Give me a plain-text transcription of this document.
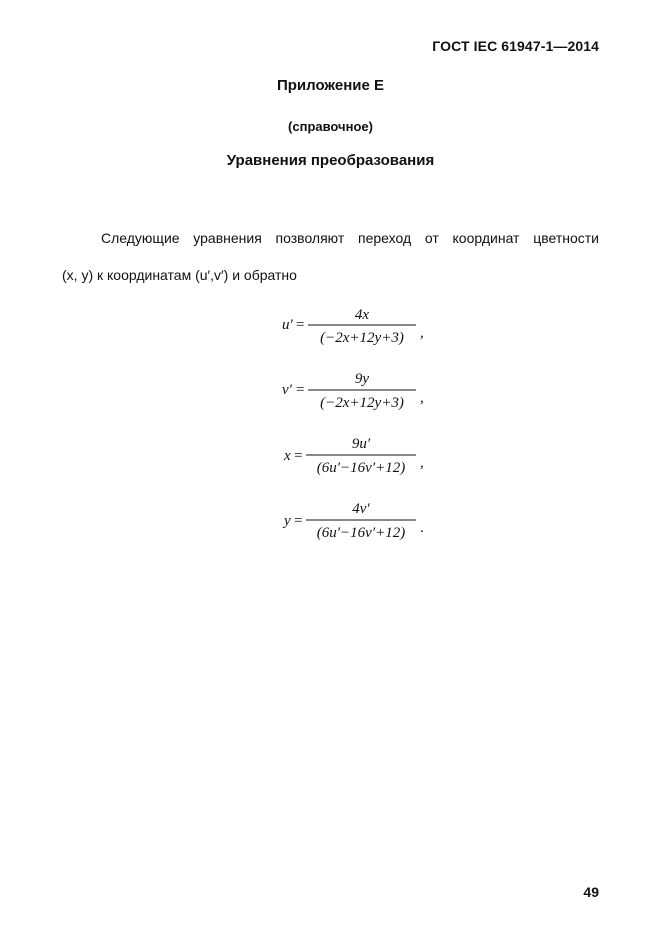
ГОСТ IEC 61947-1—2014
Приложение Е
(справочное)
Уравнения преобразования
Следующие уравнения позволяют переход от координат цветности
(x, y) к координатам (u′,v′) и обратно
u′ =
4x
(−2x+12y+3) ,
v′ =
9y
(−2x+12y+3) ,
x =
9u′
(6u′−16v′+12) ,
y =
4v′
(6u′−16v′+12) .
49
